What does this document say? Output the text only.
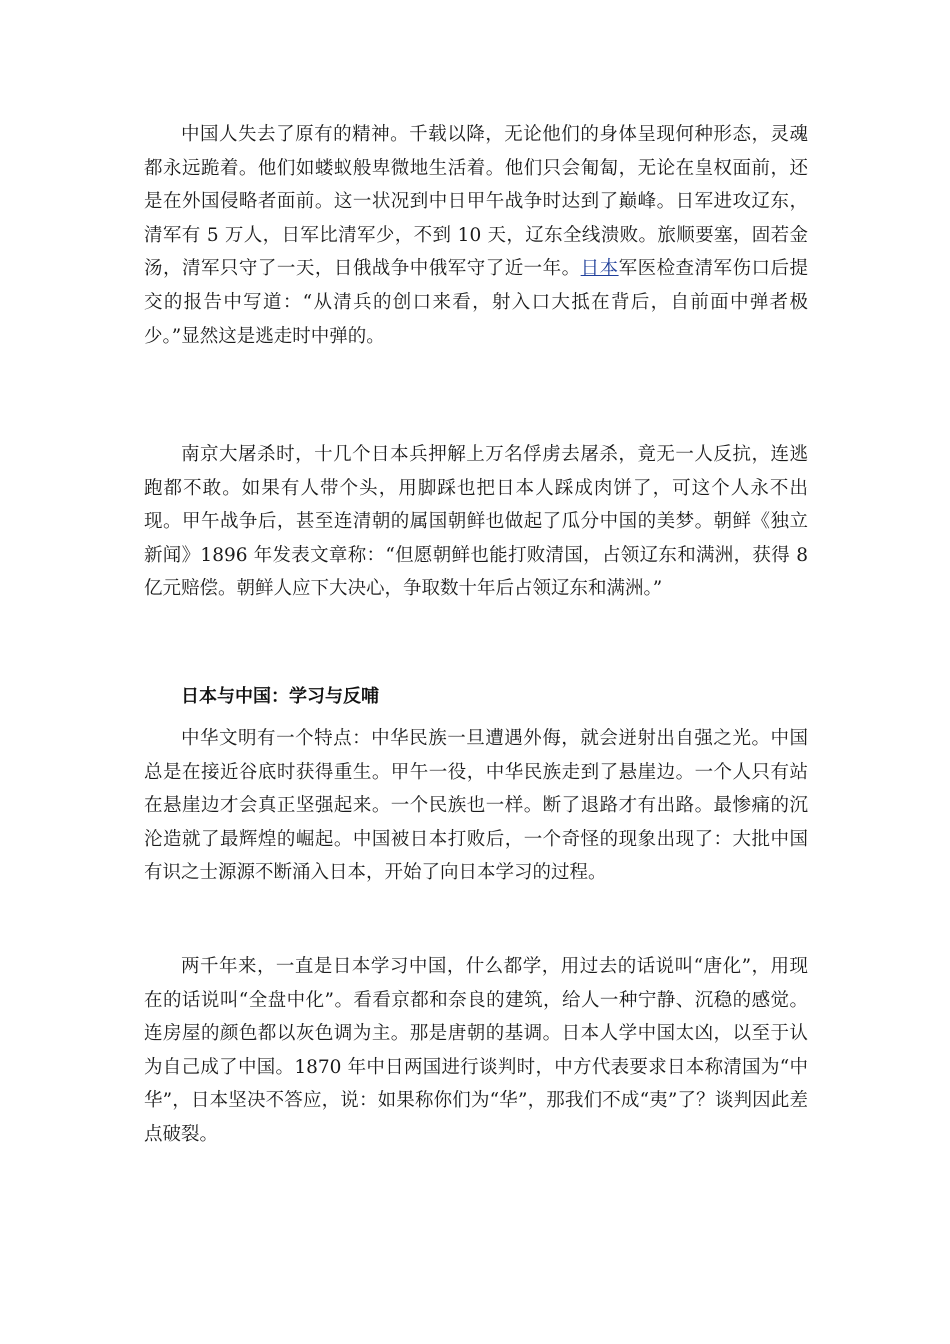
中国人失去了原有的精神。千载以降，无论他们的身体呈现何种形态，灵魂都永远跪着。他们如蝼蚁般卑微地生活着。他们只会匍匐，无论在皇权面前，还是在外国侵略者面前。这一状况到中日甲午战争时达到了巅峰。日军进攻辽东，清军有 5 万人，日军比清军少，不到 10 天，辽东全线溃败。旅顺要塞，固若金汤，清军只守了一天，日俄战争中俄军守了近一年。日本军医检查清军伤口后提交的报告中写道：“从清兵的创口来看，射入口大抵在背后，自前面中弹者极少。”显然这是逃走时中弹的。

南京大屠杀时，十几个日本兵押解上万名俘虏去屠杀，竟无一人反抗，连逃跑都不敢。如果有人带个头，用脚踩也把日本人踩成肉饼了，可这个人永不出现。甲午战争后，甚至连清朝的属国朝鲜也做起了瓜分中国的美梦。朝鲜《独立新闻》1896 年发表文章称：“但愿朝鲜也能打败清国，占领辽东和满洲，获得 8 亿元赔偿。朝鲜人应下大决心，争取数十年后占领辽东和满洲。”

日本与中国：学习与反哺

中华文明有一个特点：中华民族一旦遭遇外侮，就会迸射出自强之光。中国总是在接近谷底时获得重生。甲午一役，中华民族走到了悬崖边。一个人只有站在悬崖边才会真正坚强起来。一个民族也一样。断了退路才有出路。最惨痛的沉沦造就了最辉煌的崛起。中国被日本打败后，一个奇怪的现象出现了：大批中国有识之士源源不断涌入日本，开始了向日本学习的过程。

两千年来，一直是日本学习中国，什么都学，用过去的话说叫“唐化”，用现在的话说叫“全盘中化”。看看京都和奈良的建筑，给人一种宁静、沉稳的感觉。连房屋的颜色都以灰色调为主。那是唐朝的基调。日本人学中国太凶，以至于认为自己成了中国。1870 年中日两国进行谈判时，中方代表要求日本称清国为“中华”，日本坚决不答应，说：如果称你们为“华”，那我们不成“夷”了？谈判因此差点破裂。
